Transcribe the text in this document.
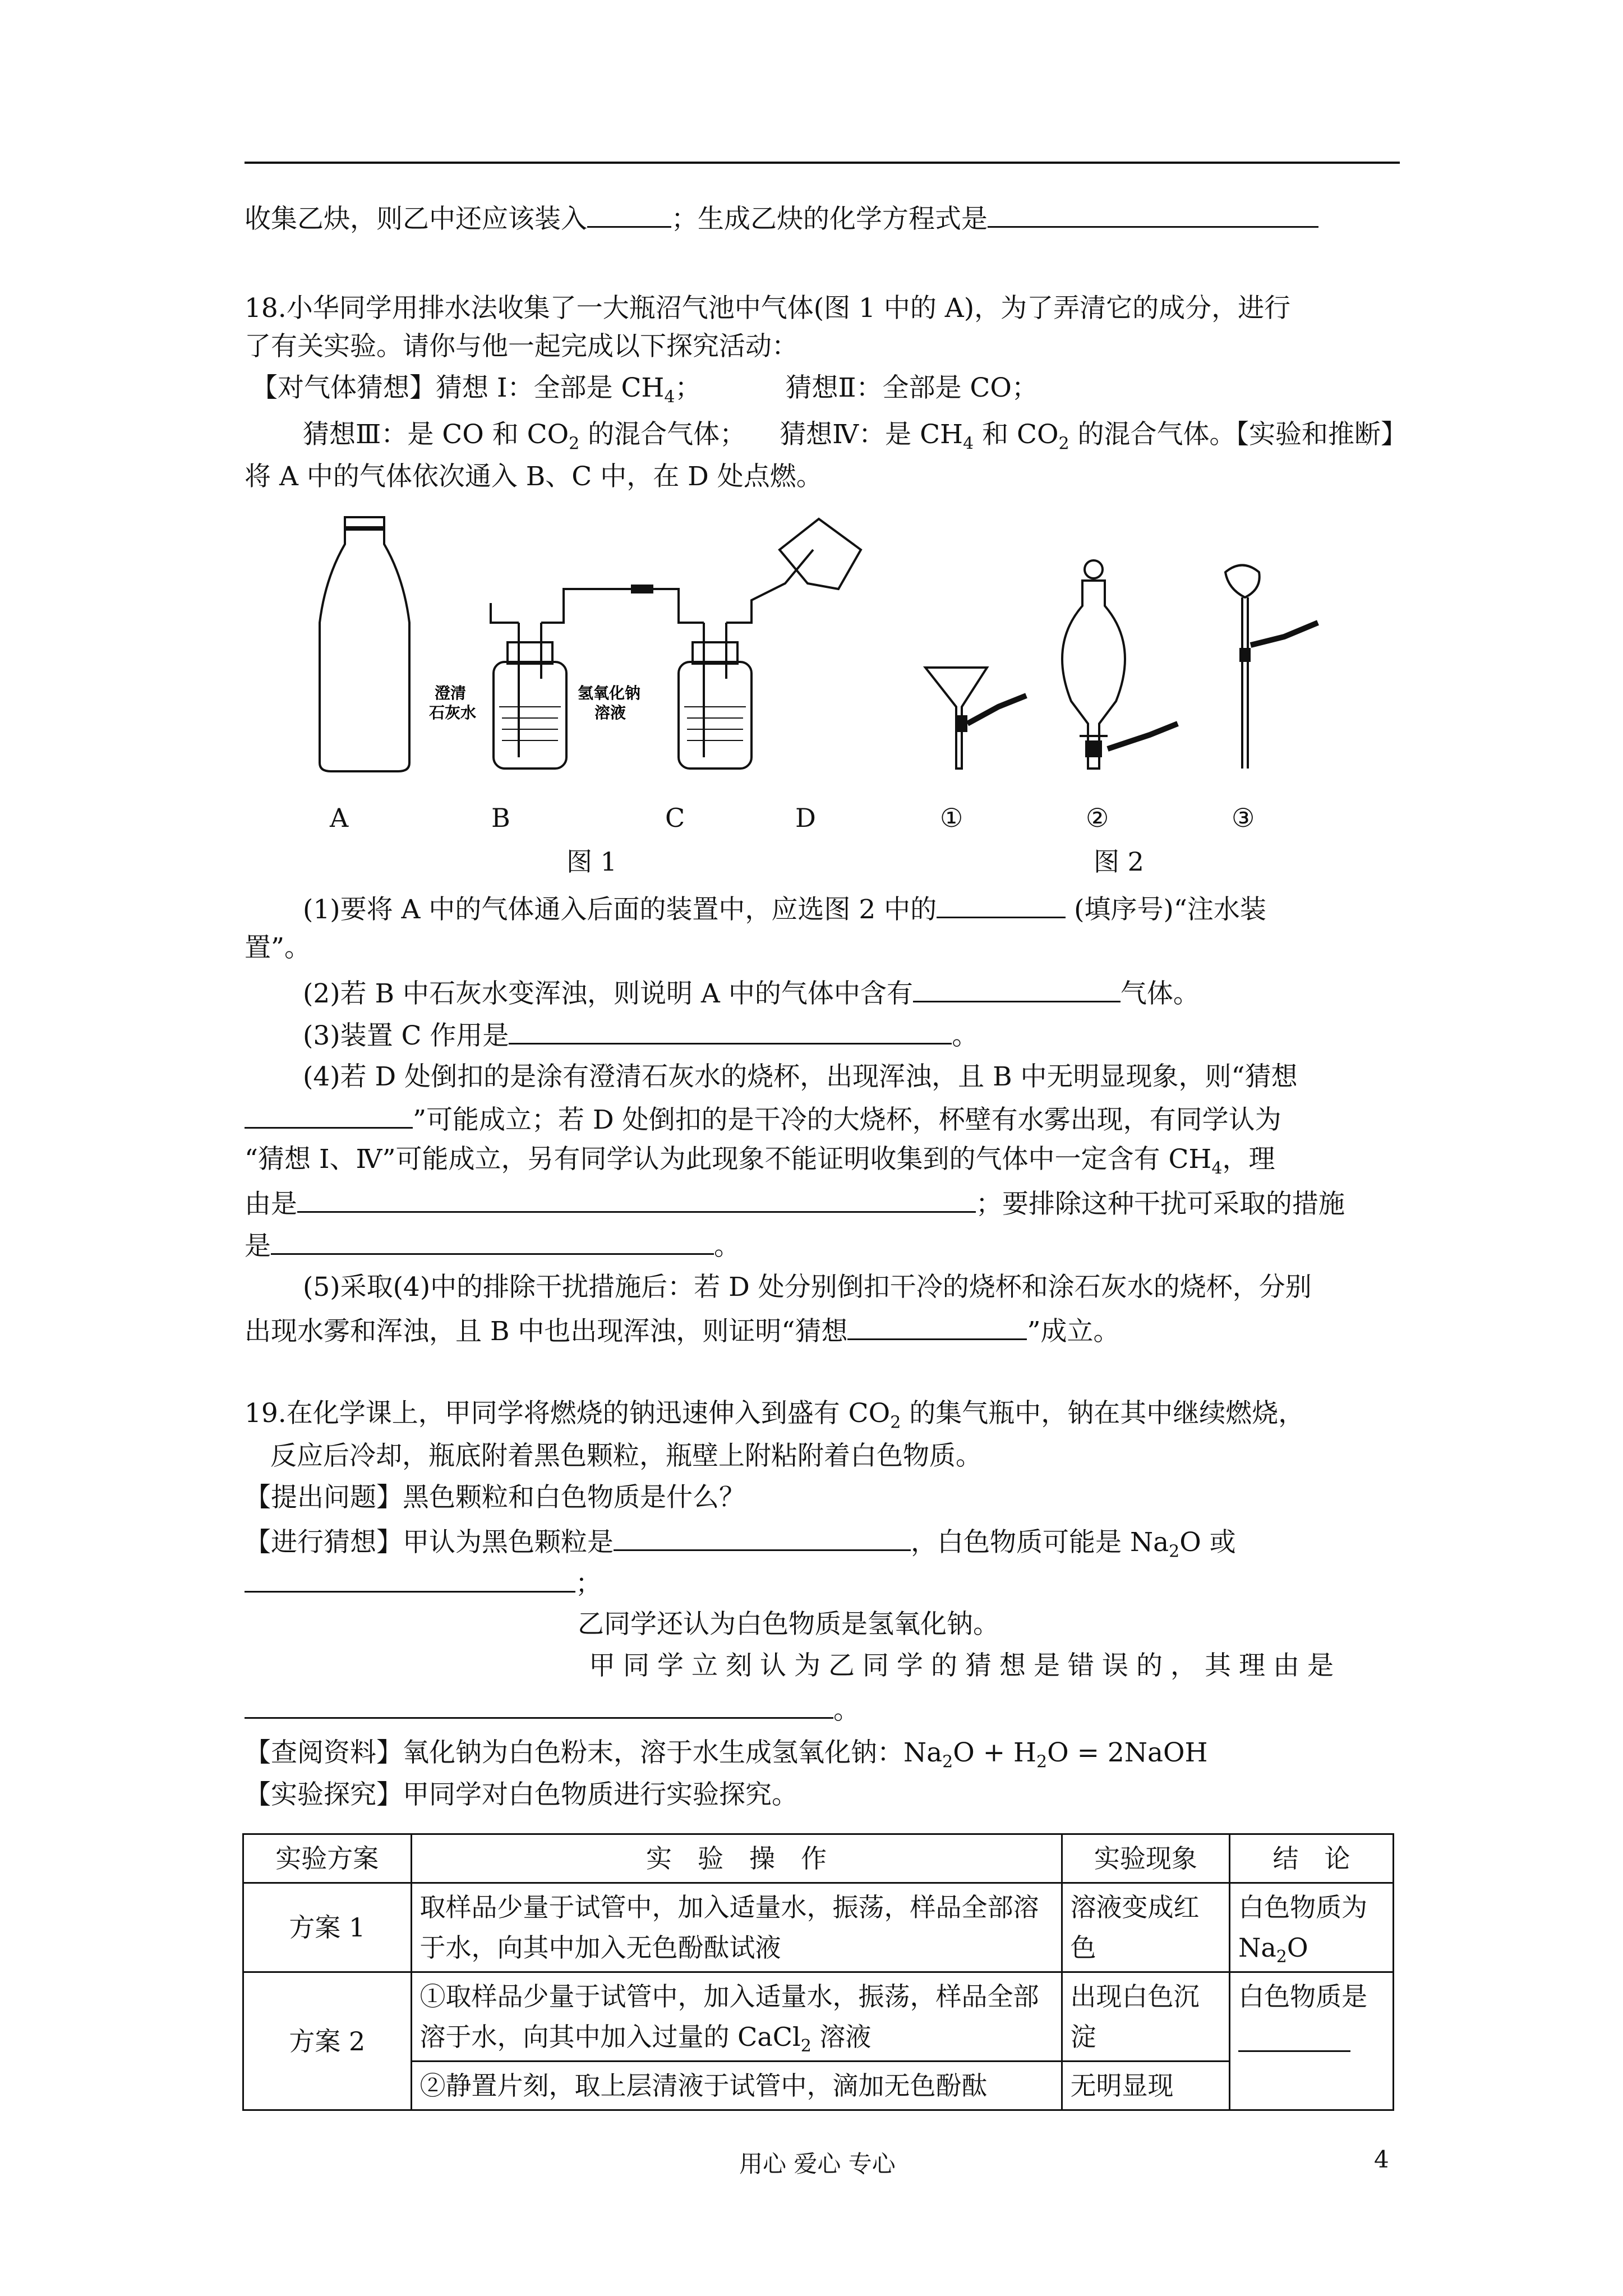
收集乙炔，则乙中还应该装入	；生成乙炔的化学方程式是
18.小华同学用排水法收集了一大瓶沼气池中气体(图 1 中的 A)，为了弄清它的成分，进行
了有关实验。请你与他一起完成以下探究活动：
【对气体猜想】猜想 I：全部是 $CH_4$；	猜想Ⅱ：全部是 CO；
猜想Ⅲ：是 CO 和 $CO_2$ 的混合气体； 猜想Ⅳ：是 $CH_4$ 和 $CO_2$ 的混合气体。【实验和推断】
将 A 中的气体依次通入 B、C 中，在 D 处点燃。
澄清
石灰水
氢氧化钠
溶液
A	B	C	D	①	②	③
图 1	图 2
(1)要将 A 中的气体通入后面的装置中，应选图 2 中的	(填序号)“注水装
置”。
(2)若 B 中石灰水变浑浊，则说明 A 中的气体中含有	气体。
(3)装置 C 作用是	。
(4)若 D 处倒扣的是涂有澄清石灰水的烧杯，出现浑浊，且 B 中无明显现象，则“猜想
”可能成立；若 D 处倒扣的是干冷的大烧杯，杯壁有水雾出现，有同学认为
“猜想 I、Ⅳ”可能成立，另有同学认为此现象不能证明收集到的气体中一定含有 $CH_4$，理
由是	；要排除这种干扰可采取的措施
是	。
(5)采取(4)中的排除干扰措施后：若 D 处分别倒扣干冷的烧杯和涂石灰水的烧杯，分别
出现水雾和浑浊，且 B 中也出现浑浊，则证明“猜想	”成立。
19.在化学课上，甲同学将燃烧的钠迅速伸入到盛有 $CO_2$ 的集气瓶中，钠在其中继续燃烧，
反应后冷却，瓶底附着黑色颗粒，瓶壁上附粘附着白色物质。
【提出问题】黑色颗粒和白色物质是什么？
【进行猜想】甲认为黑色颗粒是	，白色物质可能是 $Na_2O$ 或
；
乙同学还认为白色物质是氢氧化钠。
甲同学立刻认为乙同学的猜想是错误的，其理由是
。
【查阅资料】氧化钠为白色粉末，溶于水生成氢氧化钠：$Na_2O + H_2O$ = 2NaOH
【实验探究】甲同学对白色物质进行实验探究。
实验方案	实　验　操　作	实验现象	结　论
方案 1	取样品少量于试管中，加入适量水，振荡，样品全部溶于水，向其中加入无色酚酞试液	溶液变成红色	白色物质为 $Na_2O$
方案 2	①取样品少量于试管中，加入适量水，振荡，样品全部溶于水，向其中加入过量的 CaCl$_2$ 溶液	出现白色沉淀	白色物质是

	②静置片刻，取上层清液于试管中，滴加无色酚酞	无明显现	
用心 爱心 专心	4
